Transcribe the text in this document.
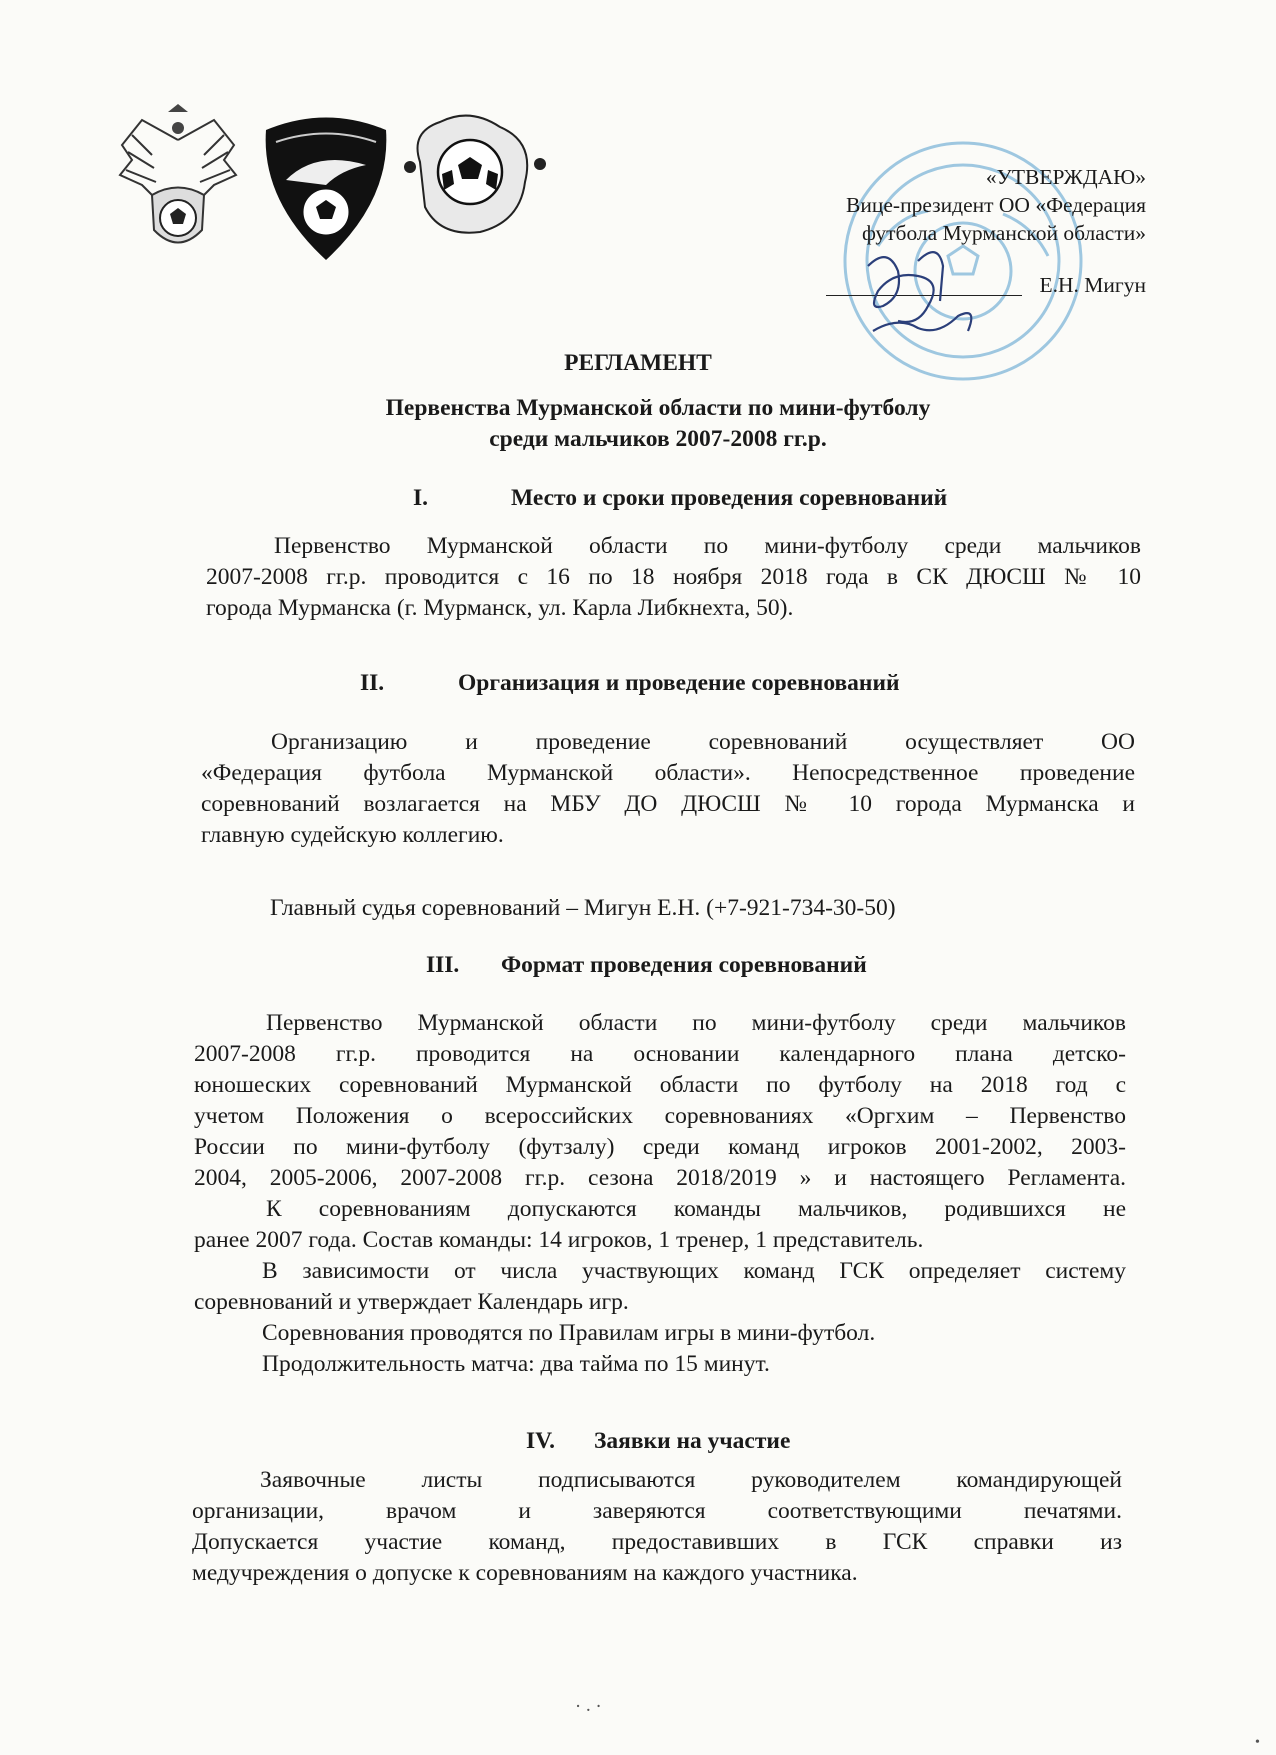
«УТВЕРЖДАЮ»
Вице-президент ОО «Федерация
футбола Мурманской области»
Е.Н. Мигун
РЕГЛАМЕНТ
Первенства Мурманской области по мини-футболу
среди мальчиков 2007-2008 гг.р.
I.	Место и сроки проведения соревнований
Первенство Мурманской области по мини-футболу среди мальчиков
2007-2008 гг.р. проводится с 16 по 18 ноября 2018 года в СК ДЮСШ № 10
города Мурманска (г. Мурманск, ул. Карла Либкнехта, 50).
II.	Организация и проведение соревнований
Организацию и проведение соревнований осуществляет ОО
«Федерация футбола Мурманской области». Непосредственное проведение
соревнований возлагается на МБУ ДО ДЮСШ № 10 города Мурманска и
главную судейскую коллегию.
Главный судья соревнований – Мигун Е.Н. (+7-921-734-30-50)
III. Формат проведения соревнований
Первенство Мурманской области по мини-футболу среди мальчиков
2007-2008 гг.р. проводится на основании календарного плана детско-
юношеских соревнований Мурманской области по футболу на 2018 год с
учетом Положения о всероссийских соревнованиях «Оргхим – Первенство
России по мини-футболу (футзалу) среди команд игроков 2001-2002, 2003-
2004, 2005-2006, 2007-2008 гг.р. сезона 2018/2019 » и настоящего Регламента.
К соревнованиям допускаются команды мальчиков, родившихся не
ранее 2007 года. Состав команды: 14 игроков, 1 тренер, 1 представитель.
В зависимости от числа участвующих команд ГСК определяет систему
соревнований и утверждает Календарь игр.
Соревнования проводятся по Правилам игры в мини-футбол.
Продолжительность матча: два тайма по 15 минут.
IV. Заявки на участие
Заявочные листы подписываются руководителем командирующей
организации, врачом и заверяются соответствующими печатями.
Допускается участие команд, предоставивших в ГСК справки из
медучреждения о допуске к соревнованиям на каждого участника.
⠂⠄⠂
•
